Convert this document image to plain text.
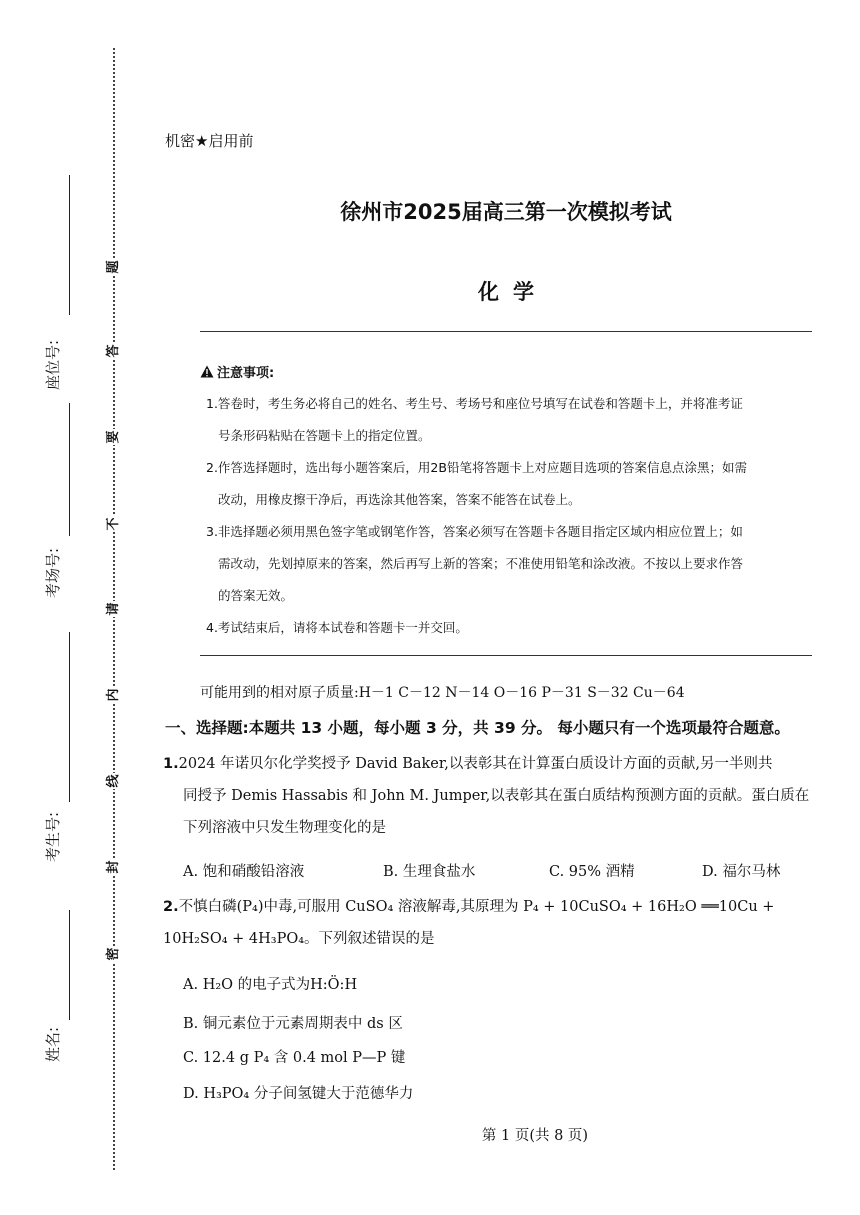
题
答
要
不
请
内
线
封
密
座位号:
考场号:
考生号:
姓名:
机密★启用前
徐州市2025届高三第一次模拟考试
化学
注意事项:
1.答卷时，考生务必将自己的姓名、考生号、考场号和座位号填写在试卷和答题卡上，并将准考证
号条形码粘贴在答题卡上的指定位置。
2.作答选择题时，选出每小题答案后，用2B铅笔将答题卡上对应题目选项的答案信息点涂黑；如需
改动，用橡皮擦干净后，再选涂其他答案，答案不能答在试卷上。
3.非选择题必须用黑色签字笔或钢笔作答，答案必须写在答题卡各题目指定区域内相应位置上；如
需改动，先划掉原来的答案，然后再写上新的答案；不准使用铅笔和涂改液。不按以上要求作答
的答案无效。
4.考试结束后，请将本试卷和答题卡一并交回。
可能用到的相对原子质量:H－1 C－12 N－14 O－16 P－31 S－32 Cu－64
一、选择题:本题共 13 小题，每小题 3 分，共 39 分。 每小题只有一个选项最符合题意。
1.2024 年诺贝尔化学奖授予 David Baker,以表彰其在计算蛋白质设计方面的贡献,另一半则共
同授予 Demis Hassabis 和 John M. Jumper,以表彰其在蛋白质结构预测方面的贡献。蛋白质在
下列溶液中只发生物理变化的是
A. 饱和硝酸铅溶液	B. 生理食盐水	C. 95% 酒精	D. 福尔马林
2.不慎白磷(P₄)中毒,可服用 CuSO₄ 溶液解毒,其原理为 P₄ + 10CuSO₄ + 16H₂O ══10Cu +
10H₂SO₄ + 4H₃PO₄。下列叙述错误的是
A. H₂O 的电子式为H:Ö:H
B. 铜元素位于元素周期表中 ds 区
C. 12.4 g P₄ 含 0.4 mol P—P 键
D. H₃PO₄ 分子间氢键大于范德华力
第 1 页(共 8 页)
